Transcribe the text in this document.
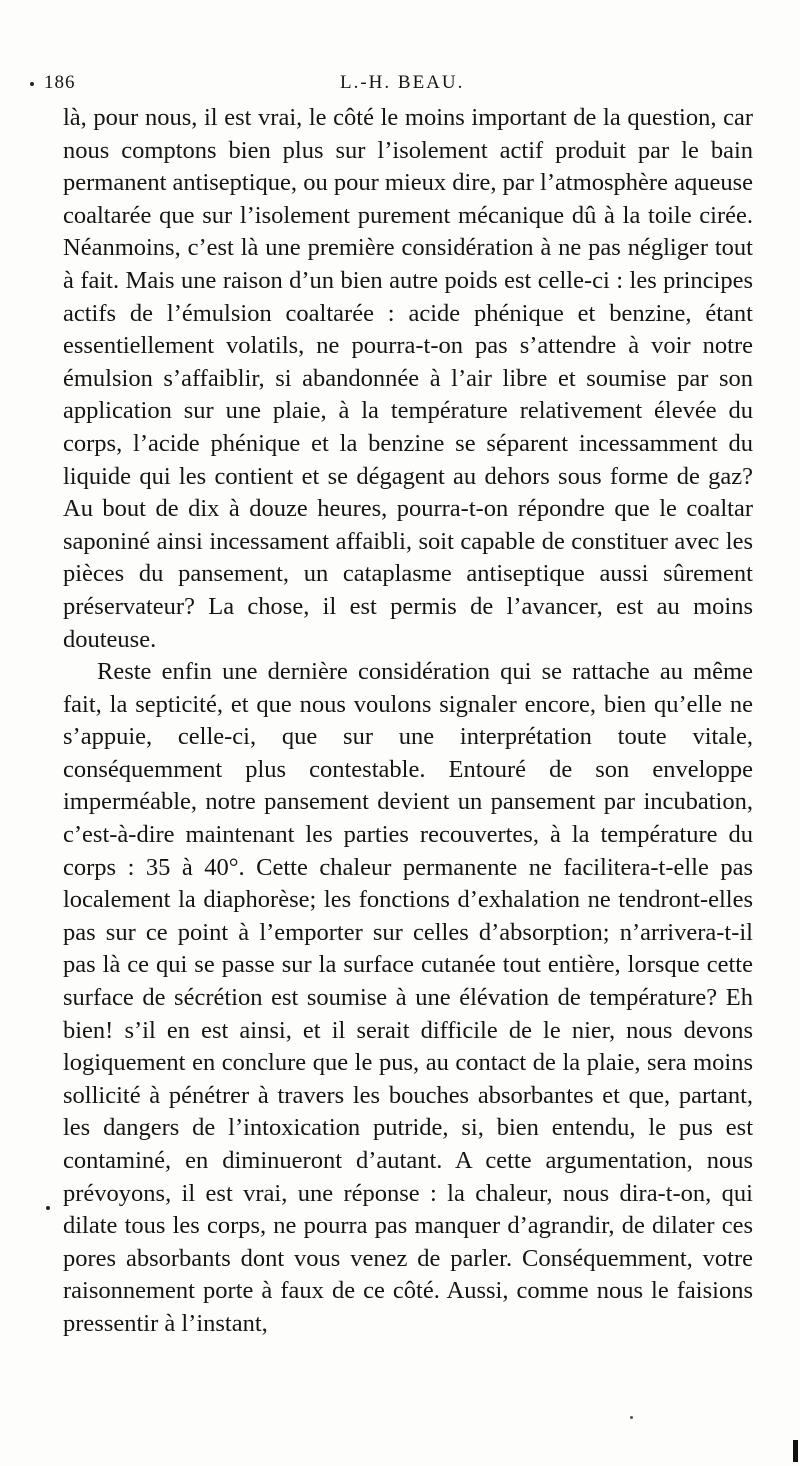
186	L.-H. BEAU.

là, pour nous, il est vrai, le côté le moins important de la question, car nous comptons bien plus sur l’isolement actif produit par le bain permanent antiseptique, ou pour mieux dire, par l’atmosphère aqueuse coaltarée que sur l’isolement purement mécanique dû à la toile cirée. Néanmoins, c’est là une première considération à ne pas négliger tout à fait. Mais une raison d’un bien autre poids est celle-ci : les principes actifs de l’émulsion coaltarée : acide phénique et benzine, étant essentiellement volatils, ne pourra-t-on pas s’attendre à voir notre émulsion s’affaiblir, si abandonnée à l’air libre et soumise par son application sur une plaie, à la température relativement élevée du corps, l’acide phénique et la benzine se séparent incessamment du liquide qui les contient et se dégagent au dehors sous forme de gaz? Au bout de dix à douze heures, pourra-t-on répondre que le coaltar saponiné ainsi incessament affaibli, soit capable de constituer avec les pièces du pansement, un cataplasme antiseptique aussi sûrement préservateur? La chose, il est permis de l’avancer, est au moins douteuse.

Reste enfin une dernière considération qui se rattache au même fait, la septicité, et que nous voulons signaler encore, bien qu’elle ne s’appuie, celle-ci, que sur une interprétation toute vitale, conséquemment plus contestable. Entouré de son enveloppe imperméable, notre pansement devient un pansement par incubation, c’est-à-dire maintenant les parties recouvertes, à la température du corps : 35 à 40°. Cette chaleur permanente ne facilitera-t-elle pas localement la diaphorèse; les fonctions d’exhalation ne tendront-elles pas sur ce point à l’emporter sur celles d’absorption; n’arrivera-t-il pas là ce qui se passe sur la surface cutanée tout entière, lorsque cette surface de sécrétion est soumise à une élévation de température? Eh bien! s’il en est ainsi, et il serait difficile de le nier, nous devons logiquement en conclure que le pus, au contact de la plaie, sera moins sollicité à pénétrer à travers les bouches absorbantes et que, partant, les dangers de l’intoxication putride, si, bien entendu, le pus est contaminé, en diminueront d’autant. A cette argumentation, nous prévoyons, il est vrai, une réponse : la chaleur, nous dira-t-on, qui dilate tous les corps, ne pourra pas manquer d’agrandir, de dilater ces pores absorbants dont vous venez de parler. Conséquemment, votre raisonnement porte à faux de ce côté. Aussi, comme nous le faisions pressentir à l’instant,
